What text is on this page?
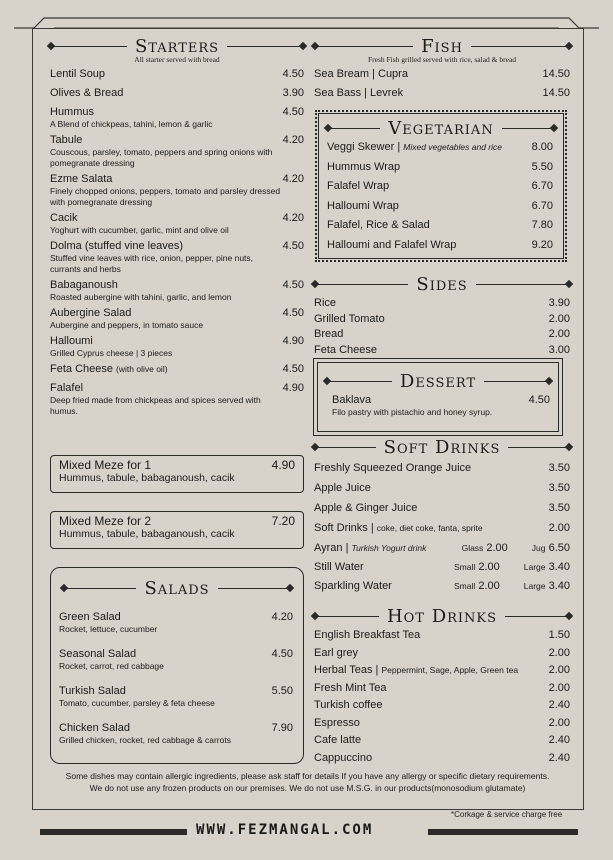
Starters
All starter served with bread
Lentil Soup	4.50
Olives & Bread	3.90
Hummus	4.50
A Blend of chickpeas, tahini, lemon & garlic
Tabule	4.20
Couscous, parsley, tomato, peppers and spring onions with pomegranate dressing
Ezme Salata	4.20
Finely chopped onions, peppers, tomato and parsley dressed with pomegranate dressing
Cacik	4.20
Yoghurt with cucumber, garlic, mint and olive oil
Dolma (stuffed vine leaves)	4.50
Stuffed vine leaves with rice, onion, pepper, pine nuts, currants and herbs
Babaganoush	4.50
Roasted aubergine with tahini, garlic, and lemon
Aubergine Salad	4.50
Aubergine and peppers, in tomato sauce
Halloumi	4.90
Grilled Cyprus cheese | 3 pieces
Feta Cheese (with olive oil)	4.50
Falafel	4.90
Deep fried made from chickpeas and spices served with humus.
Mixed Meze for 1	4.90
Hummus, tabule, babaganoush, cacik
Mixed Meze for 2	7.20
Hummus, tabule, babaganoush, cacik
Salads
Green Salad	4.20
Rocket, lettuce, cucumber
Seasonal Salad	4.50
Rocket, carrot, red cabbage
Turkish Salad	5.50
Tomato, cucumber, parsley & feta cheese
Chicken Salad	7.90
Grilled chicken, rocket, red cabbage & carrots
Fish
Fresh Fish grilled served with rice, salad & bread
Sea Bream | Cupra	14.50
Sea Bass | Levrek	14.50
Vegetarian
Veggi Skewer | Mixed vegetables and rice	8.00
Hummus Wrap	5.50
Falafel Wrap	6.70
Halloumi Wrap	6.70
Falafel, Rice & Salad	7.80
Halloumi and Falafel Wrap	9.20
Sides
Rice	3.90
Grilled Tomato	2.00
Bread	2.00
Feta Cheese	3.00
Dessert
Baklava	4.50
Filo pastry with pistachio and honey syrup.
Soft Drinks
Freshly Squeezed Orange Juice	3.50
Apple Juice	3.50
Apple & Ginger Juice	3.50
Soft Drinks | coke, diet coke, fanta, sprite	2.00
Ayran | Turkish Yogurt drink	Glass 2.00	Jug 6.50
Still Water	Small 2.00	Large 3.40
Sparkling Water	Small 2.00	Large 3.40
Hot Drinks
English Breakfast Tea	1.50
Earl grey	2.00
Herbal Teas | Peppermint, Sage, Apple, Green tea	2.00
Fresh Mint Tea	2.00
Turkish coffee	2.40
Espresso	2.00
Cafe latte	2.40
Cappuccino	2.40
Some dishes may contain allergic ingredients, please ask staff for details If you have any allergy or specific dietary requirements.
We do not use any frozen products on our premises. We do not use M.S.G. in our products(monosodium glutamate)
*Corkage & service charge free
WWW.FEZMANGAL.COM
